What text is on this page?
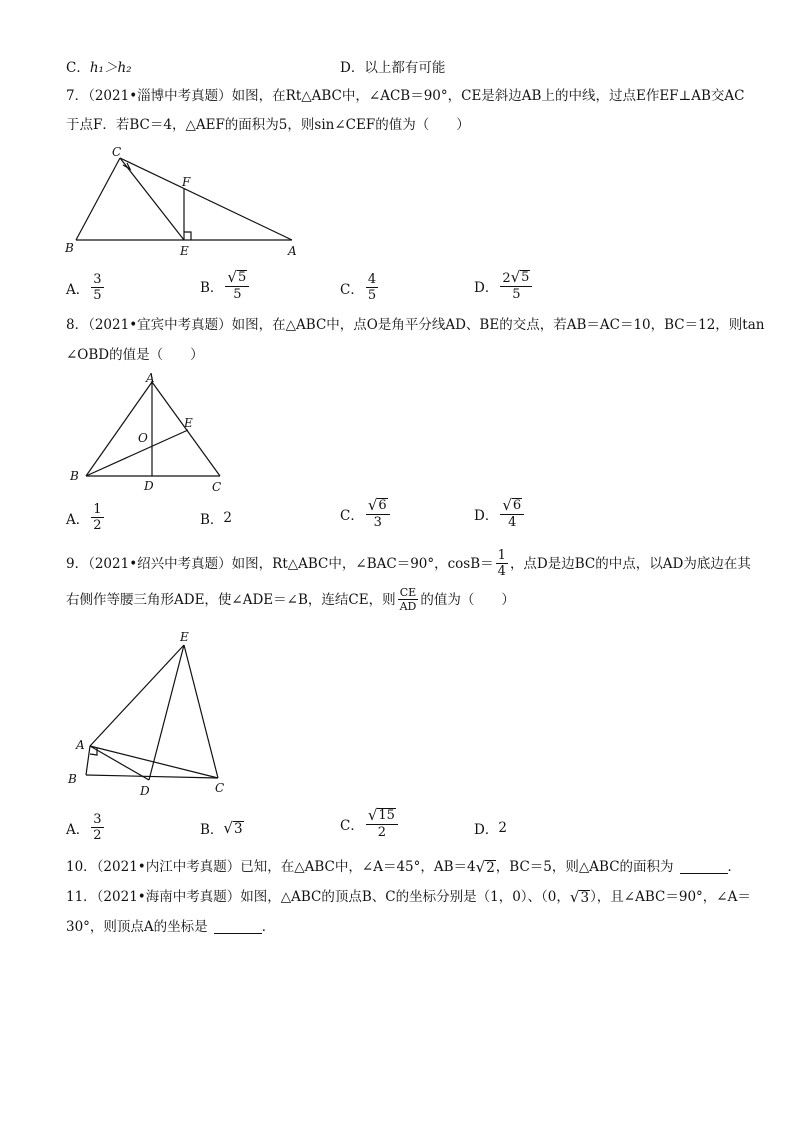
C． h₁＞h₂	D．以上都有可能
7．（2021•淄博中考真题）如图，在Rt△ABC中，∠ACB＝90°，CE是斜边AB上的中线，过点E作EF⊥AB交AC
于点F．若BC＝4，△AEF的面积为5，则sin∠CEF的值为（　　）
C
F
B	E	A
A． $\frac{3}{5}$	B． $\frac{√ 5}{5}$	C． $\frac{4}{5}$	D． $\frac{2 √ 5}{5}$
8．（2021•宜宾中考真题）如图，在△ABC中，点O是角平分线AD、BE的交点，若AB＝AC＝10，BC＝12，则tan
∠OBD的值是（　　）
A
E
O
B
D	C
A． $\frac{1}{2}$	B． 2	C． $\frac{√ 6}{3}$	D． $\frac{√ 6}{4}$
9．（2021•绍兴中考真题）如图，Rt△ABC中，∠BAC＝90°，$\cos B= \frac{1}{4}$ ，点D是边BC的中点，以AD为底边在其
右侧作等腰三角形ADE，使∠ADE＝∠B，连结CE，则 $\frac{CE}{AD}$ 的值为（　　）
E
A
B
D	C
A． $\frac{3}{2}$	B． √ 3	C． $\frac{√ 15}{2}$	D． 2
10．（2021•内江中考真题）已知，在△ABC中，∠A＝45°，AB＝4 √ 2 ，BC＝5，则△ABC的面积为	．
11．（2021•海南中考真题）如图，△ABC的顶点B、C的坐标分别是（1，0）、（0， √ 3 ），且∠ABC＝90°，∠A＝
30°，则顶点A的坐标是	．
